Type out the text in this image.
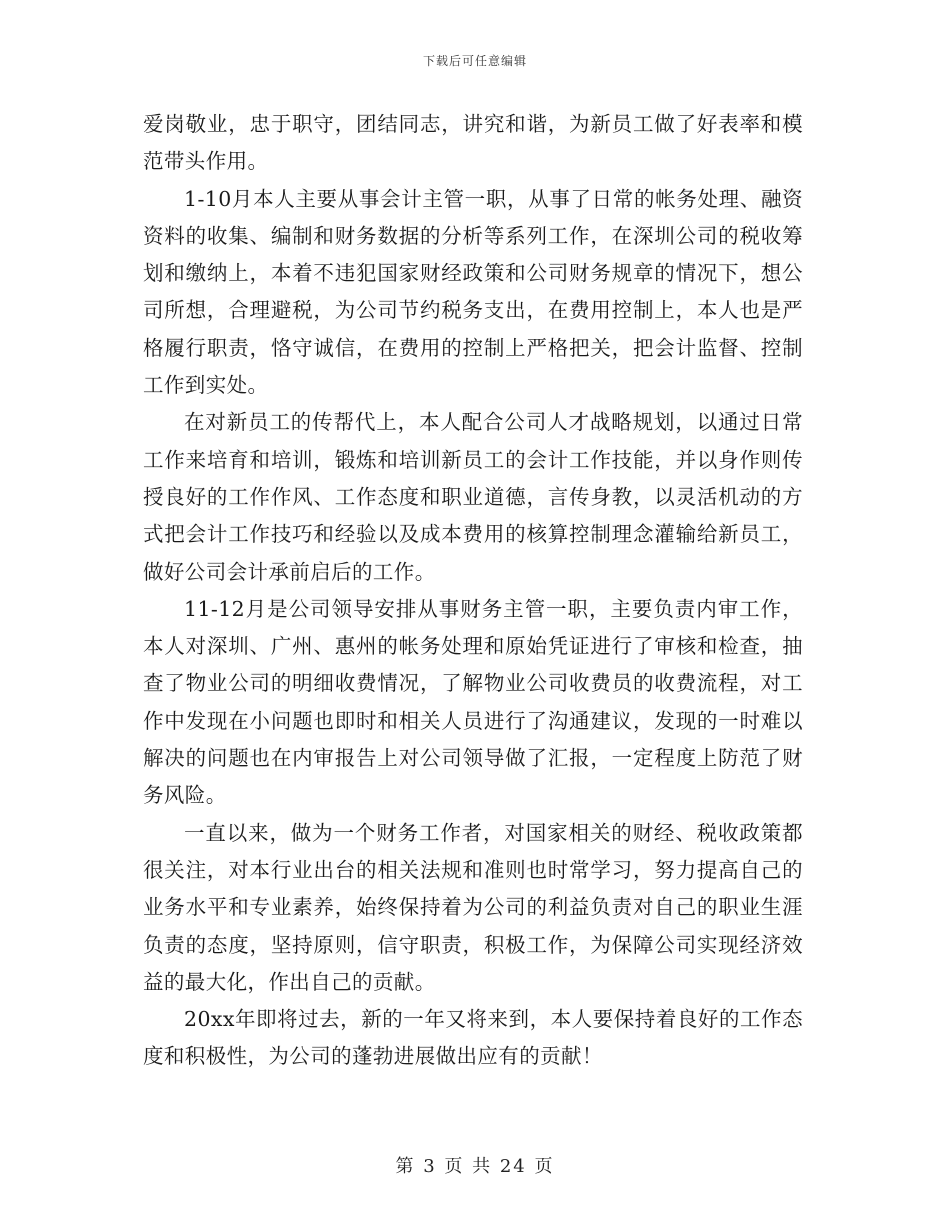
下载后可任意编辑

爱岗敬业，忠于职守，团结同志，讲究和谐，为新员工做了好表率和模范带头作用。

1-10月本人主要从事会计主管一职，从事了日常的帐务处理、融资资料的收集、编制和财务数据的分析等系列工作，在深圳公司的税收筹划和缴纳上，本着不违犯国家财经政策和公司财务规章的情况下，想公司所想，合理避税，为公司节约税务支出，在费用控制上，本人也是严格履行职责，恪守诚信，在费用的控制上严格把关，把会计监督、控制工作到实处。

在对新员工的传帮代上，本人配合公司人才战略规划，以通过日常工作来培育和培训，锻炼和培训新员工的会计工作技能，并以身作则传授良好的工作作风、工作态度和职业道德，言传身教，以灵活机动的方式把会计工作技巧和经验以及成本费用的核算控制理念灌输给新员工，做好公司会计承前启后的工作。

11-12月是公司领导安排从事财务主管一职，主要负责内审工作，本人对深圳、广州、惠州的帐务处理和原始凭证进行了审核和检查，抽查了物业公司的明细收费情况，了解物业公司收费员的收费流程，对工作中发现在小问题也即时和相关人员进行了沟通建议，发现的一时难以解决的问题也在内审报告上对公司领导做了汇报，一定程度上防范了财务风险。

一直以来，做为一个财务工作者，对国家相关的财经、税收政策都很关注，对本行业出台的相关法规和准则也时常学习，努力提高自己的业务水平和专业素养，始终保持着为公司的利益负责对自己的职业生涯负责的态度，坚持原则，信守职责，积极工作，为保障公司实现经济效益的最大化，作出自己的贡献。

20xx年即将过去，新的一年又将来到，本人要保持着良好的工作态度和积极性，为公司的蓬勃进展做出应有的贡献！

第 3 页 共 24 页
